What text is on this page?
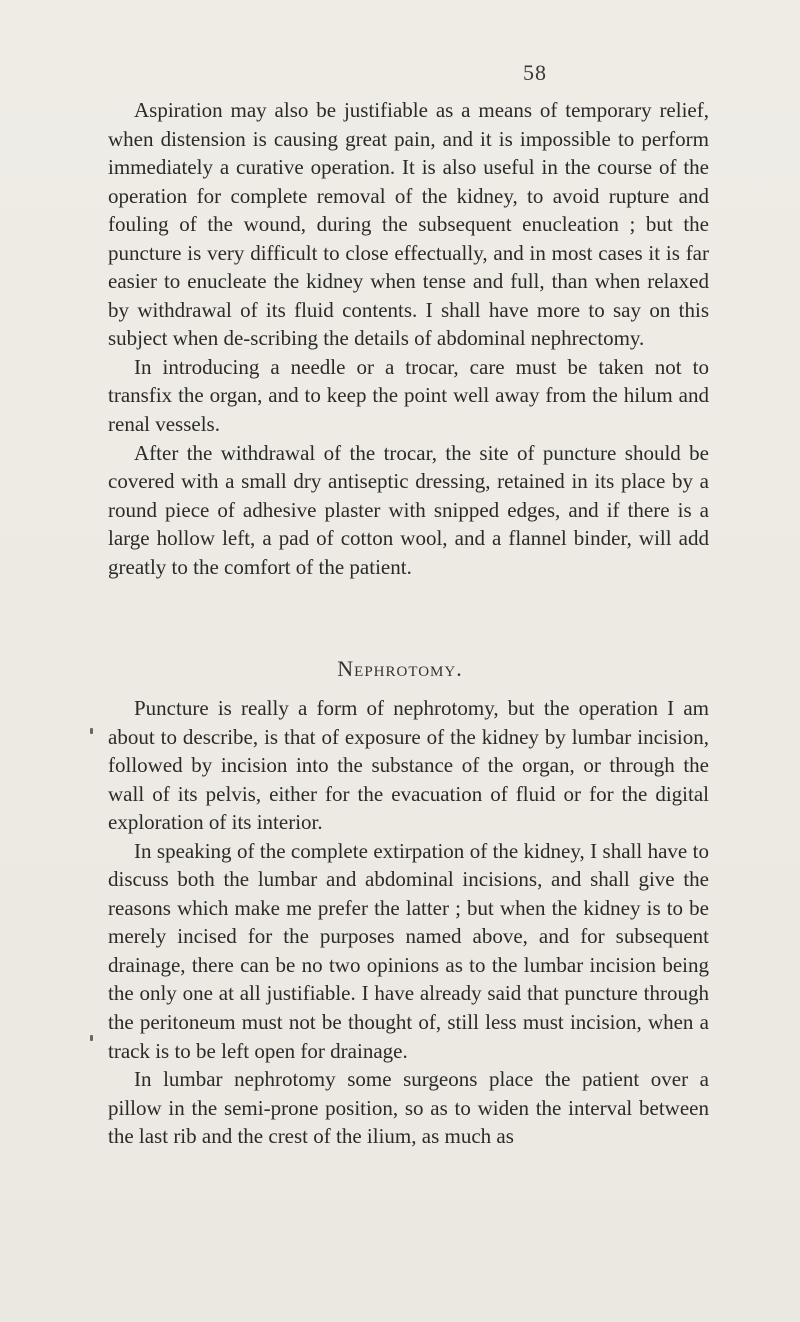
58

Aspiration may also be justifiable as a means of temporary relief, when distension is causing great pain, and it is impossible to perform immediately a curative operation. It is also useful in the course of the operation for complete removal of the kidney, to avoid rupture and fouling of the wound, during the subsequent enucleation ; but the puncture is very difficult to close effectually, and in most cases it is far easier to enucleate the kidney when tense and full, than when relaxed by withdrawal of its fluid contents. I shall have more to say on this subject when de-scribing the details of abdominal nephrectomy.

In introducing a needle or a trocar, care must be taken not to transfix the organ, and to keep the point well away from the hilum and renal vessels.

After the withdrawal of the trocar, the site of puncture should be covered with a small dry antiseptic dressing, retained in its place by a round piece of adhesive plaster with snipped edges, and if there is a large hollow left, a pad of cotton wool, and a flannel binder, will add greatly to the comfort of the patient.

Nephrotomy.

Puncture is really a form of nephrotomy, but the operation I am about to describe, is that of exposure of the kidney by lumbar incision, followed by incision into the substance of the organ, or through the wall of its pelvis, either for the evacuation of fluid or for the digital exploration of its interior.

In speaking of the complete extirpation of the kidney, I shall have to discuss both the lumbar and abdominal incisions, and shall give the reasons which make me prefer the latter ; but when the kidney is to be merely incised for the purposes named above, and for subsequent drainage, there can be no two opinions as to the lumbar incision being the only one at all justifiable. I have already said that puncture through the peritoneum must not be thought of, still less must incision, when a track is to be left open for drainage.

In lumbar nephrotomy some surgeons place the patient over a pillow in the semi-prone position, so as to widen the interval between the last rib and the crest of the ilium, as much as
